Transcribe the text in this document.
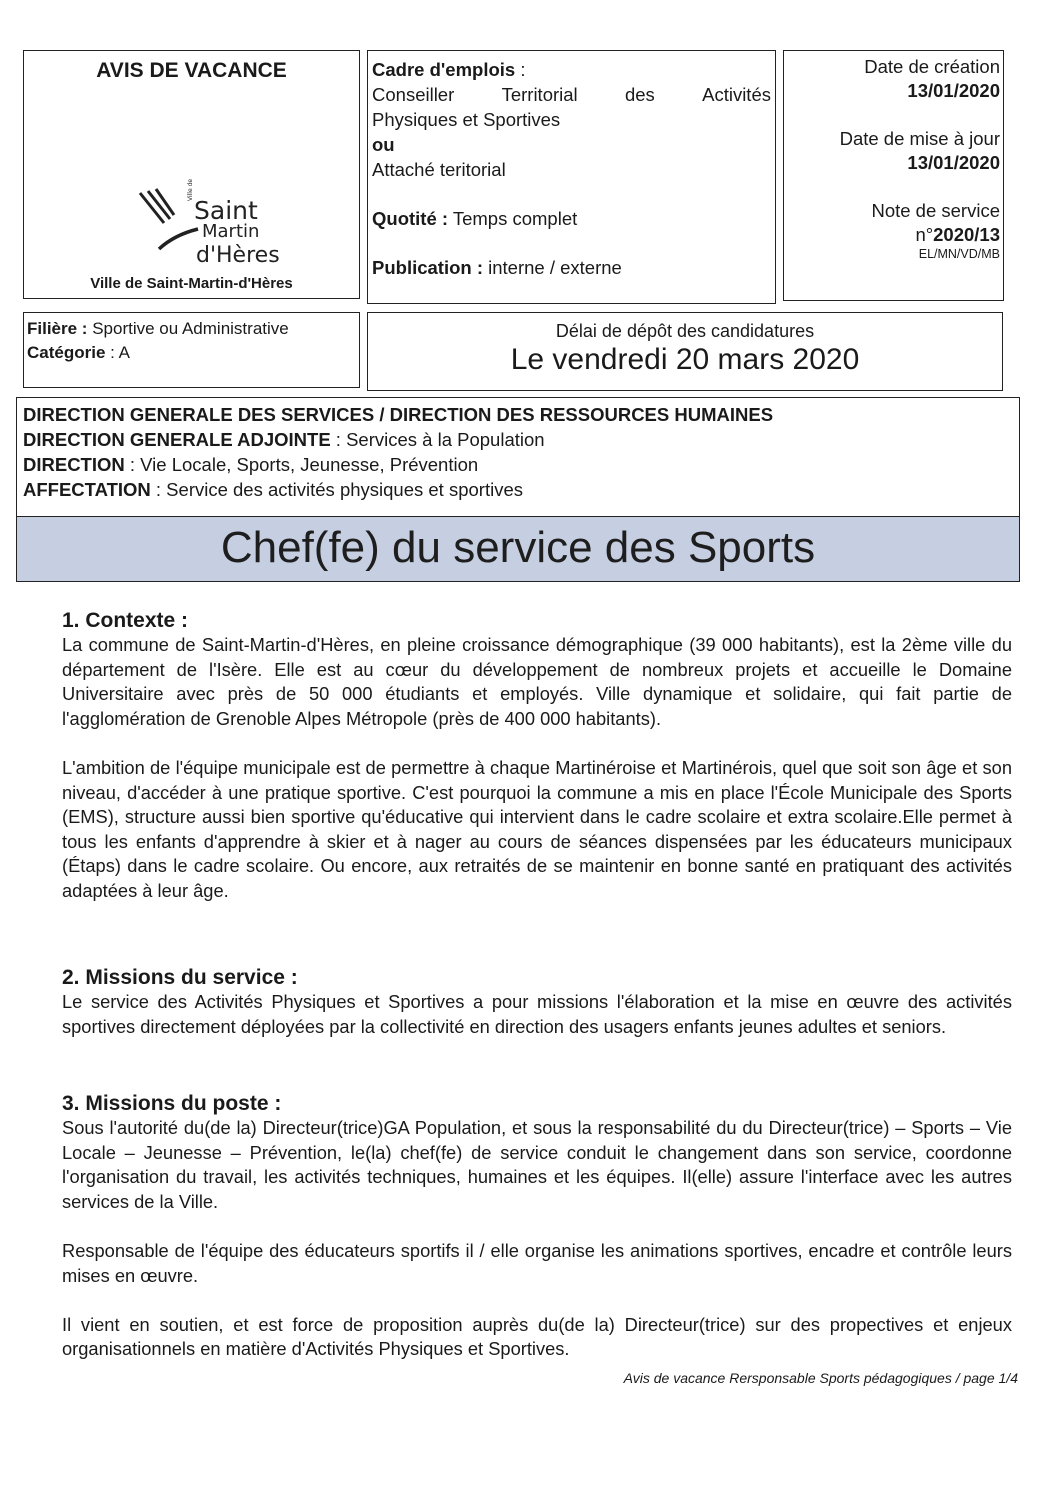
AVIS DE VACANCE
Ville de
Saint
Martin
d'Hères
Ville de Saint-Martin-d'Hères
Cadre d'emplois :
Conseiller	Territorial	des	Activités
Physiques et Sportives
ou
Attaché teritorial
Quotité : Temps complet
Publication : interne / externe
Date de création
13/01/2020
Date de mise à jour
13/01/2020
Note de service
n°2020/13
EL/MN/VD/MB
Filière : Sportive ou Administrative
Catégorie : A
Délai de dépôt des candidatures
Le vendredi 20 mars 2020
DIRECTION GENERALE DES SERVICES / DIRECTION DES RESSOURCES HUMAINES
DIRECTION GENERALE ADJOINTE : Services à la Population
DIRECTION : Vie Locale, Sports, Jeunesse, Prévention
AFFECTATION : Service des activités physiques et sportives
Chef(fe) du service des Sports
1. Contexte :

La commune de Saint-Martin-d'Hères, en pleine croissance démographique (39 000 habitants), est la 2ème ville du département de l'Isère. Elle est au cœur du développement de nombreux projets et accueille le Domaine Universitaire avec près de 50 000 étudiants et employés. Ville dynamique et solidaire, qui fait partie de l'agglomération de Grenoble Alpes Métropole (près de 400 000 habitants).

L'ambition de l'équipe municipale est de permettre à chaque Martinéroise et Martinérois, quel que soit son âge et son niveau, d'accéder à une pratique sportive. C'est pourquoi la commune a mis en place l'École Municipale des Sports (EMS), structure aussi bien sportive qu'éducative qui intervient dans le cadre scolaire et extra scolaire.Elle permet à tous les enfants d'apprendre à skier et à nager au cours de séances dispensées par les éducateurs municipaux (Étaps) dans le cadre scolaire. Ou encore, aux retraités de se maintenir en bonne santé en pratiquant des activités adaptées à leur âge.

2. Missions du service :

Le service des Activités Physiques et Sportives a pour missions l'élaboration et la mise en œuvre des activités sportives directement déployées par la collectivité en direction des usagers enfants jeunes adultes et seniors.

3. Missions du poste :

Sous l'autorité du(de la) Directeur(trice)GA Population, et sous la responsabilité du du Directeur(trice) – Sports – Vie Locale – Jeunesse – Prévention, le(la) chef(fe) de service conduit le changement dans son service, coordonne l'organisation du travail, les activités techniques, humaines et les équipes. Il(elle) assure l'interface avec les autres services de la Ville.

Responsable de l'équipe des éducateurs sportifs il / elle organise les animations sportives, encadre et contrôle leurs mises en œuvre.

Il vient en soutien, et est force de proposition auprès du(de la) Directeur(trice) sur des propectives et enjeux organisationnels en matière d'Activités Physiques et Sportives.

Avis de vacance Rersponsable Sports pédagogiques / page 1/4
